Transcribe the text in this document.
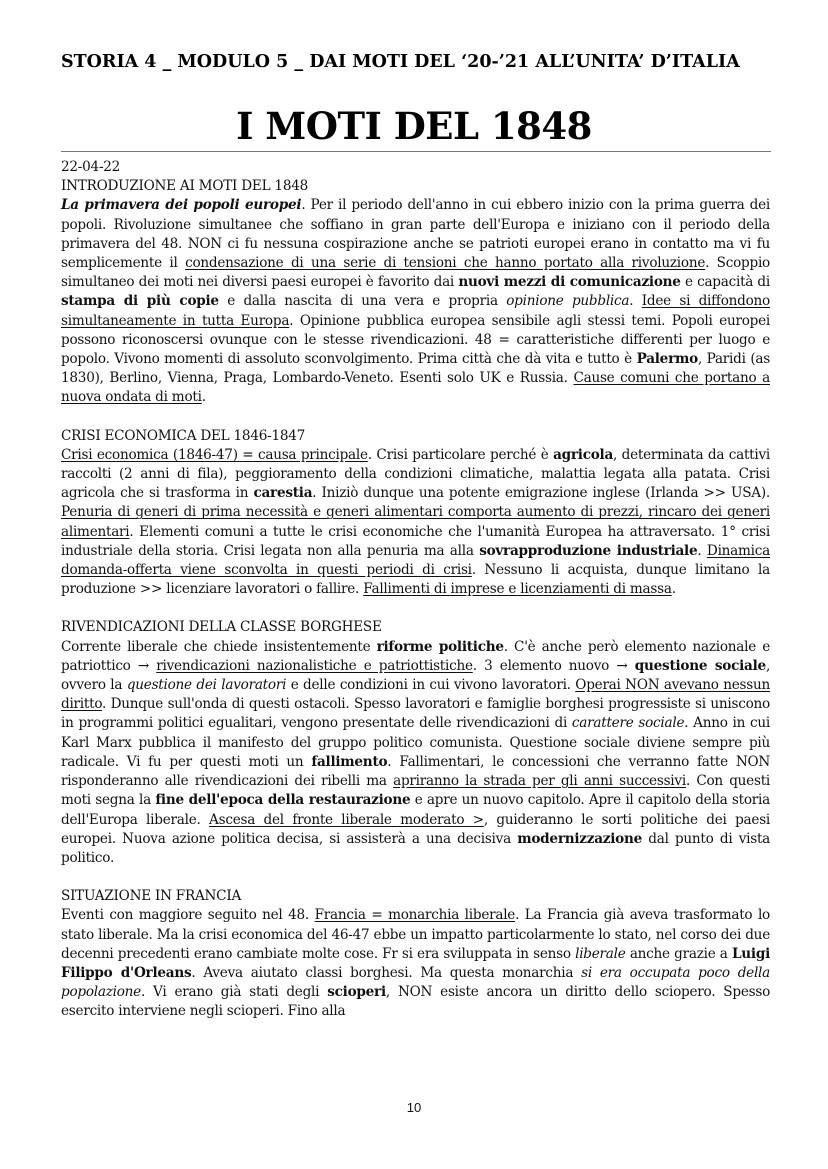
STORIA 4 _ MODULO 5 _ DAI MOTI DEL ‘20-’21 ALL’UNITA’ D’ITALIA
I MOTI DEL 1848
22-04-22
INTRODUZIONE AI MOTI DEL 1848

La primavera dei popoli europei. Per il periodo dell'anno in cui ebbero inizio con la prima guerra dei popoli. Rivoluzione simultanee che soffiano in gran parte dell'Europa e iniziano con il periodo della primavera del 48. NON ci fu nessuna cospirazione anche se patrioti europei erano in contatto ma vi fu semplicemente il condensazione di una serie di tensioni che hanno portato alla rivoluzione. Scoppio simultaneo dei moti nei diversi paesi europei è favorito dai nuovi mezzi di comunicazione e capacità di stampa di più copie e dalla nascita di una vera e propria opinione pubblica. Idee si diffondono simultaneamente in tutta Europa. Opinione pubblica europea sensibile agli stessi temi. Popoli europei possono riconoscersi ovunque con le stesse rivendicazioni. 48 = caratteristiche differenti per luogo e popolo. Vivono momenti di assoluto sconvolgimento. Prima città che dà vita e tutto è Palermo, Paridi (as 1830), Berlino, Vienna, Praga, Lombardo-Veneto. Esenti solo UK e Russia. Cause comuni che portano a nuova ondata di moti.

CRISI ECONOMICA DEL 1846-1847

Crisi economica (1846-47) = causa principale. Crisi particolare perché è agricola, determinata da cattivi raccolti (2 anni di fila), peggioramento della condizioni climatiche, malattia legata alla patata. Crisi agricola che si trasforma in carestia. Iniziò dunque una potente emigrazione inglese (Irlanda >> USA). Penuria di generi di prima necessità e generi alimentari comporta aumento di prezzi, rincaro dei generi alimentari. Elementi comuni a tutte le crisi economiche che l'umanità Europea ha attraversato. 1° crisi industriale della storia. Crisi legata non alla penuria ma alla sovrapproduzione industriale. Dinamica domanda-offerta viene sconvolta in questi periodi di crisi. Nessuno li acquista, dunque limitano la produzione >> licenziare lavoratori o fallire. Fallimenti di imprese e licenziamenti di massa.

RIVENDICAZIONI DELLA CLASSE BORGHESE

Corrente liberale che chiede insistentemente riforme politiche. C'è anche però elemento nazionale e patriottico → rivendicazioni nazionalistiche e patriottistiche. 3 elemento nuovo → questione sociale, ovvero la questione dei lavoratori e delle condizioni in cui vivono lavoratori. Operai NON avevano nessun diritto. Dunque sull'onda di questi ostacoli. Spesso lavoratori e famiglie borghesi progressiste si uniscono in programmi politici egualitari, vengono presentate delle rivendicazioni di carattere sociale. Anno in cui Karl Marx pubblica il manifesto del gruppo politico comunista. Questione sociale diviene sempre più radicale. Vi fu per questi moti un fallimento. Fallimentari, le concessioni che verranno fatte NON risponderanno alle rivendicazioni dei ribelli ma apriranno la strada per gli anni successivi. Con questi moti segna la fine dell'epoca della restaurazione e apre un nuovo capitolo. Apre il capitolo della storia dell'Europa liberale. Ascesa del fronte liberale moderato >, guideranno le sorti politiche dei paesi europei. Nuova azione politica decisa, si assisterà a una decisiva modernizzazione dal punto di vista politico.

SITUAZIONE IN FRANCIA

Eventi con maggiore seguito nel 48. Francia = monarchia liberale. La Francia già aveva trasformato lo stato liberale. Ma la crisi economica del 46-47 ebbe un impatto particolarmente lo stato, nel corso dei due decenni precedenti erano cambiate molte cose. Fr si era sviluppata in senso liberale anche grazie a Luigi Filippo d'Orleans. Aveva aiutato classi borghesi. Ma questa monarchia si era occupata poco della popolazione. Vi erano già stati degli scioperi, NON esiste ancora un diritto dello sciopero. Spesso esercito interviene negli scioperi. Fino alla

10
